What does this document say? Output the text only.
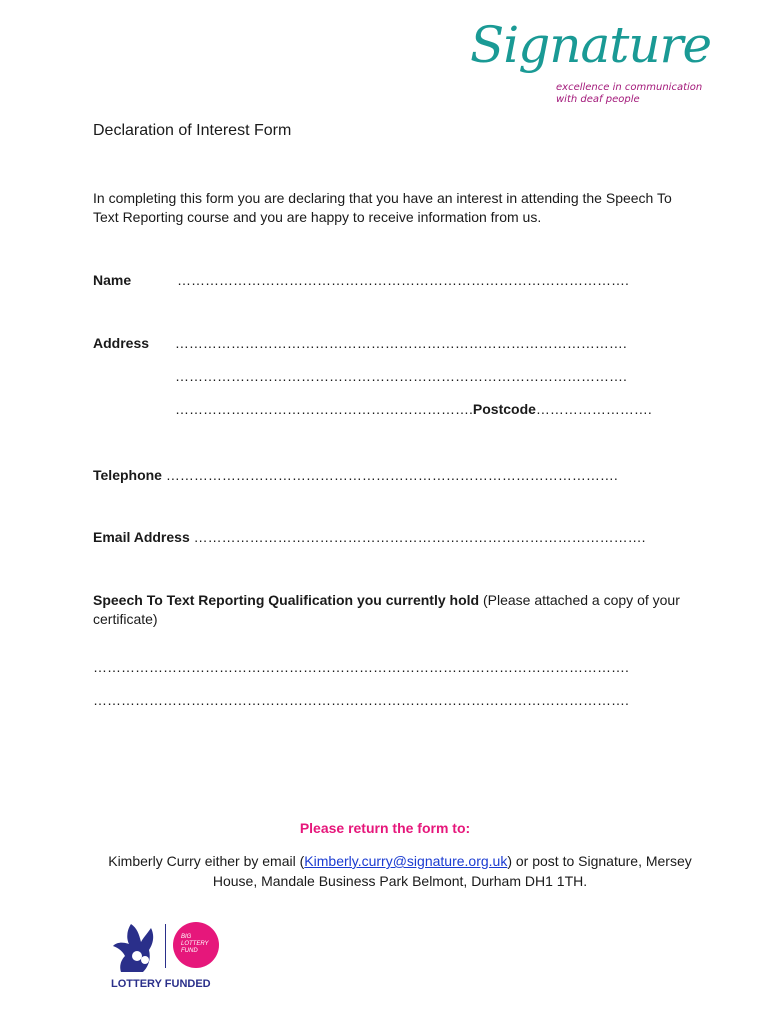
Signature
excellence in communication
with deaf people
Declaration of Interest Form
In completing this form you are declaring that you have an interest in attending the Speech To Text Reporting course and you are happy to receive information from us.
Name	…………………………………………………………………………………….
Address …………………………………………………………………………………….
…………………………………………………………………………………….
……………………………………………………….Postcode…………………….
Telephone …………………………………………………………………………………….
Email Address …………………………………………………………………………………….
Speech To Text Reporting Qualification you currently hold (Please attached a copy of your certificate)
…………………………………………………………………………………………………….
…………………………………………………………………………………………………….
Please return the form to:
Kimberly Curry either by email (Kimberly.curry@signature.org.uk) or post to Signature, Mersey House, Mandale Business Park Belmont, Durham DH1 1TH.
BIG LOTTERY FUND
LOTTERY FUNDED
